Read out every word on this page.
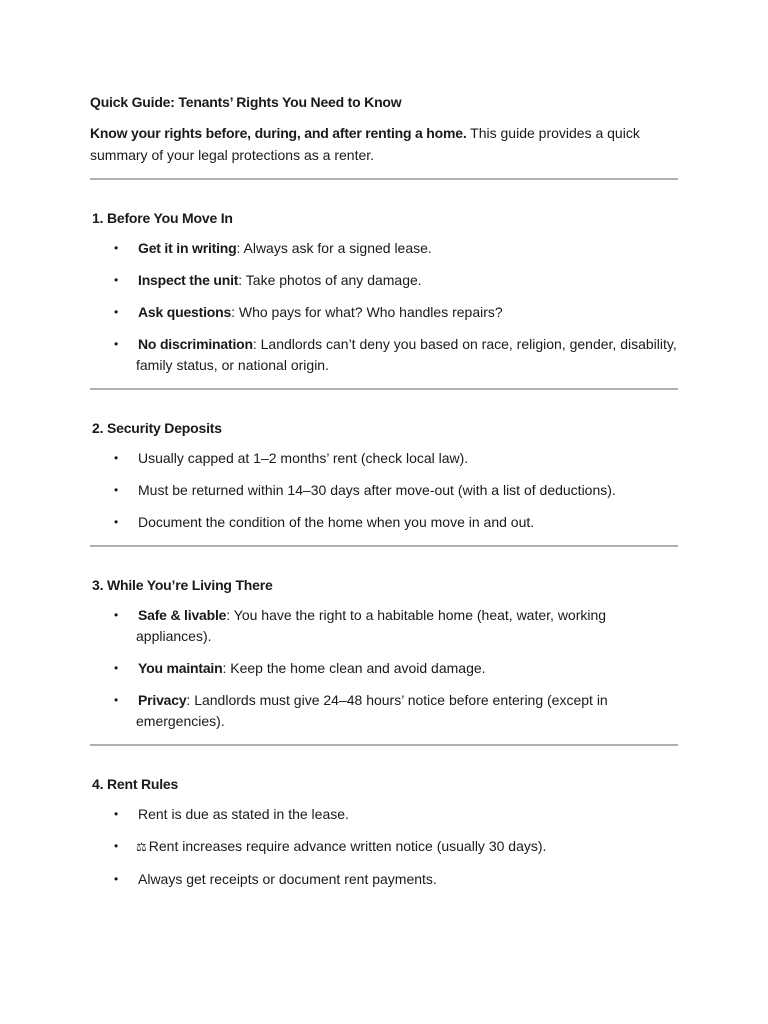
Quick Guide: Tenants’ Rights You Need to Know

Know your rights before, during, and after renting a home. This guide provides a quick summary of your legal protections as a renter.

1. Before You Move In
• Get it in writing: Always ask for a signed lease.
• Inspect the unit: Take photos of any damage.
• Ask questions: Who pays for what? Who handles repairs?
• No discrimination: Landlords can’t deny you based on race, religion, gender, disability, family status, or national origin.
2. Security Deposits
• Usually capped at 1–2 months’ rent (check local law).
• Must be returned within 14–30 days after move-out (with a list of deductions).
• Document the condition of the home when you move in and out.
3. While You’re Living There
• Safe & livable: You have the right to a habitable home (heat, water, working appliances).
• You maintain: Keep the home clean and avoid damage.
• Privacy: Landlords must give 24–48 hours’ notice before entering (except in emergencies).
4. Rent Rules
• Rent is due as stated in the lease.
• ⚖ Rent increases require advance written notice (usually 30 days).
• Always get receipts or document rent payments.
